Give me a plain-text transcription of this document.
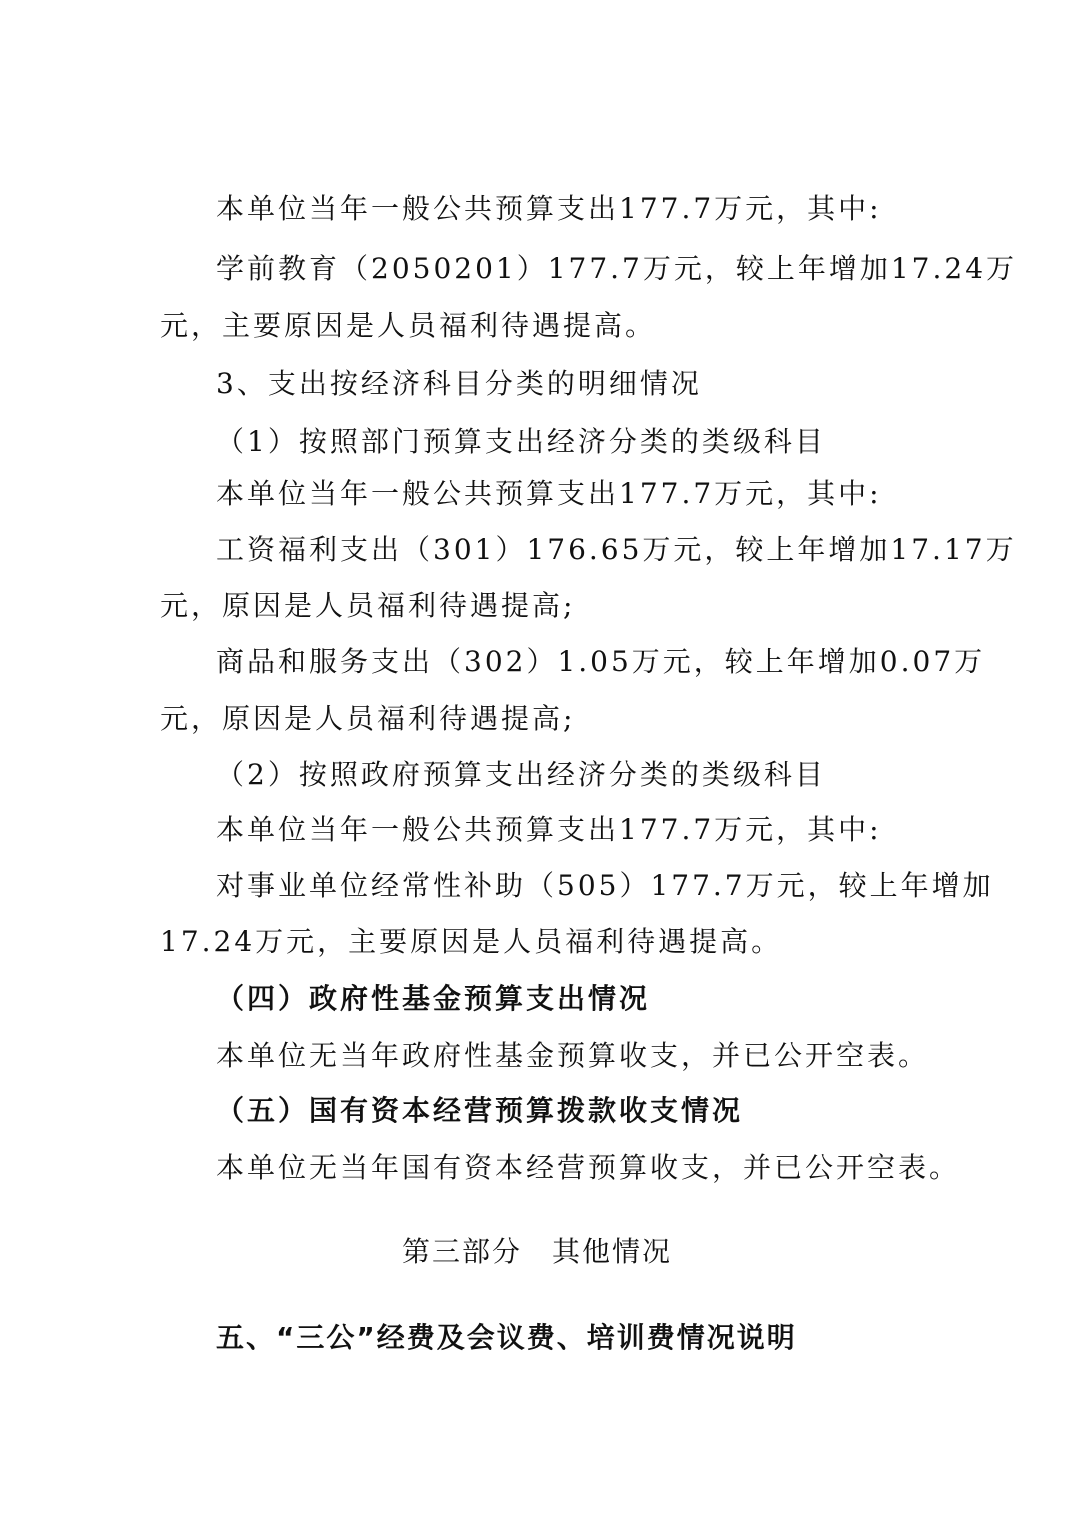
本单位当年一般公共预算支出177.7万元，其中:
学前教育（2050201）177.7万元，较上年增加17.24万
元，主要原因是人员福利待遇提高。
3、支出按经济科目分类的明细情况
（1）按照部门预算支出经济分类的类级科目
本单位当年一般公共预算支出177.7万元，其中:
工资福利支出（301）176.65万元，较上年增加17.17万
元，原因是人员福利待遇提高;
商品和服务支出（302）1.05万元，较上年增加0.07万
元，原因是人员福利待遇提高;
（2）按照政府预算支出经济分类的类级科目
本单位当年一般公共预算支出177.7万元，其中:
对事业单位经常性补助（505）177.7万元，较上年增加
17.24万元，主要原因是人员福利待遇提高。
（四）政府性基金预算支出情况
本单位无当年政府性基金预算收支，并已公开空表。
（五）国有资本经营预算拨款收支情况
本单位无当年国有资本经营预算收支，并已公开空表。
第三部分　其他情况
五、“三公”经费及会议费、培训费情况说明
